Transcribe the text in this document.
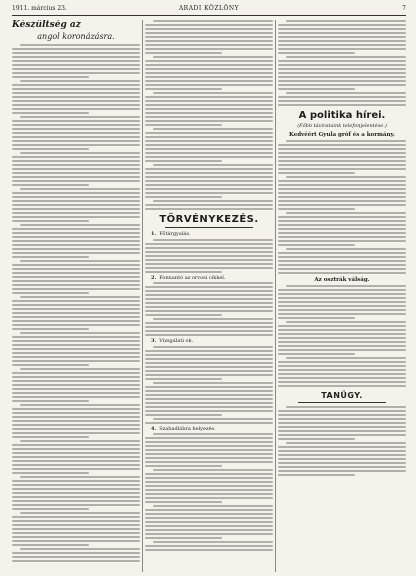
1911. március 23.	ARADI KÖZLÖNY	7
Készültség az
angol koronázásra.
TÖRVÉNYKEZÉS.
1. Főtárgyalás.
2. Fonnantó az orvosi cikkel.
3. Vizsgálati ok.
4. Szabadlábra helyezés.
A politika hírei.
(Főbb távirataink telefonjelentése.)
Kedvéért Gyula gróf és a kormány.
Az osztrák válság.
TANÜGY.
